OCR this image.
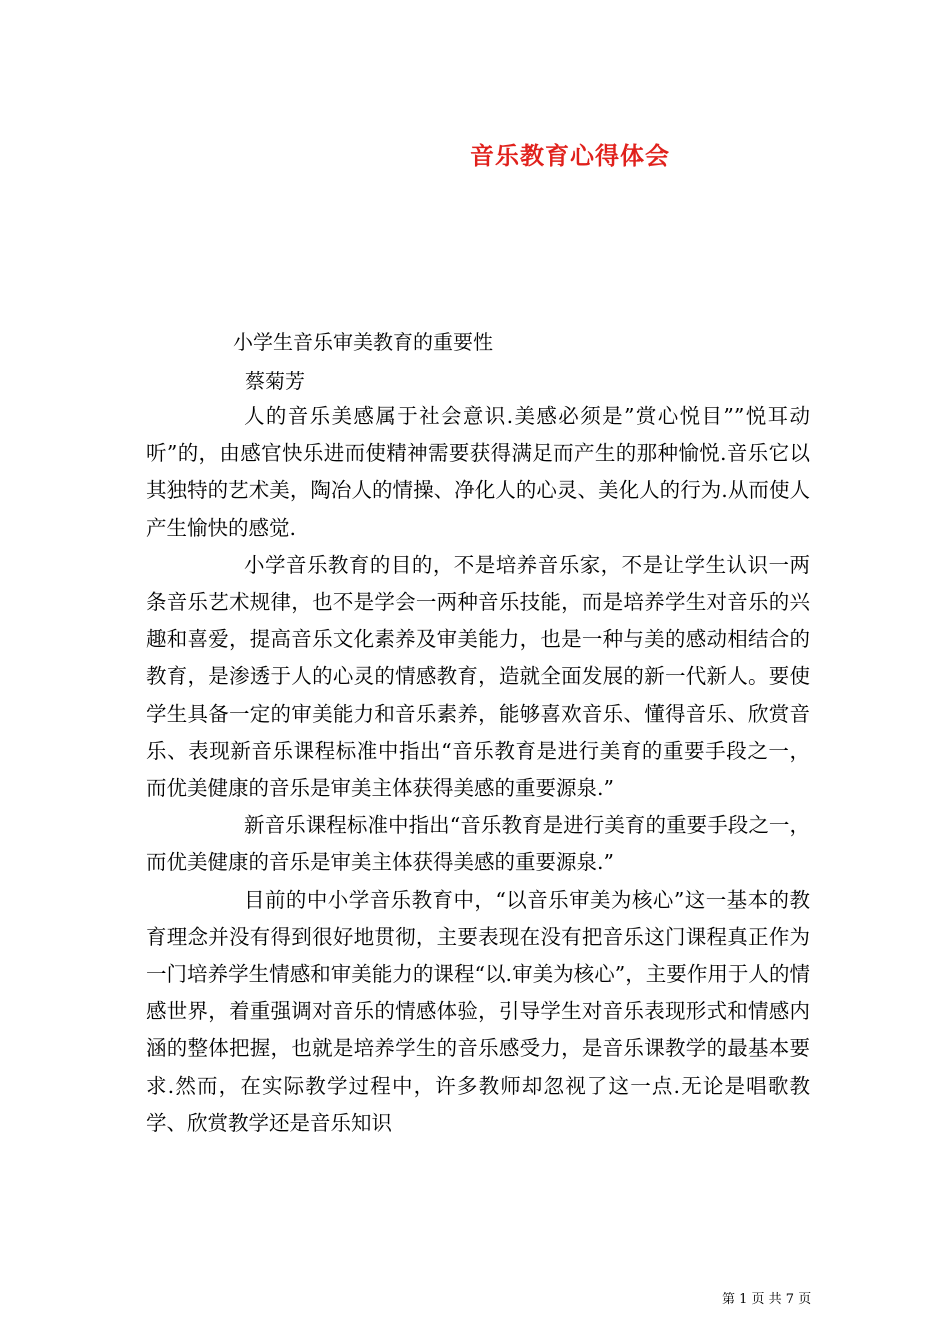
音乐教育心得体会
小学生音乐审美教育的重要性
蔡菊芳

人的音乐美感属于社会意识.美感必须是”赏心悦目””悦耳动听”的，由感官快乐进而使精神需要获得满足而产生的那种愉悦.音乐它以其独特的艺术美，陶冶人的情操、净化人的心灵、美化人的行为.从而使人产生愉快的感觉.

小学音乐教育的目的，不是培养音乐家，不是让学生认识一两条音乐艺术规律，也不是学会一两种音乐技能，而是培养学生对音乐的兴趣和喜爱，提高音乐文化素养及审美能力，也是一种与美的感动相结合的教育，是渗透于人的心灵的情感教育，造就全面发展的新一代新人。要使学生具备一定的审美能力和音乐素养，能够喜欢音乐、懂得音乐、欣赏音乐、表现新音乐课程标准中指出“音乐教育是进行美育的重要手段之一，而优美健康的音乐是审美主体获得美感的重要源泉.”

新音乐课程标准中指出“音乐教育是进行美育的重要手段之一，而优美健康的音乐是审美主体获得美感的重要源泉.”

目前的中小学音乐教育中，“以音乐审美为核心”这一基本的教育理念并没有得到很好地贯彻，主要表现在没有把音乐这门课程真正作为一门培养学生情感和审美能力的课程“以.审美为核心”，主要作用于人的情感世界，着重强调对音乐的情感体验，引导学生对音乐表现形式和情感内涵的整体把握，也就是培养学生的音乐感受力，是音乐课教学的最基本要求.然而，在实际教学过程中，许多教师却忽视了这一点.无论是唱歌教学、欣赏教学还是音乐知识

第 1 页 共 7 页
